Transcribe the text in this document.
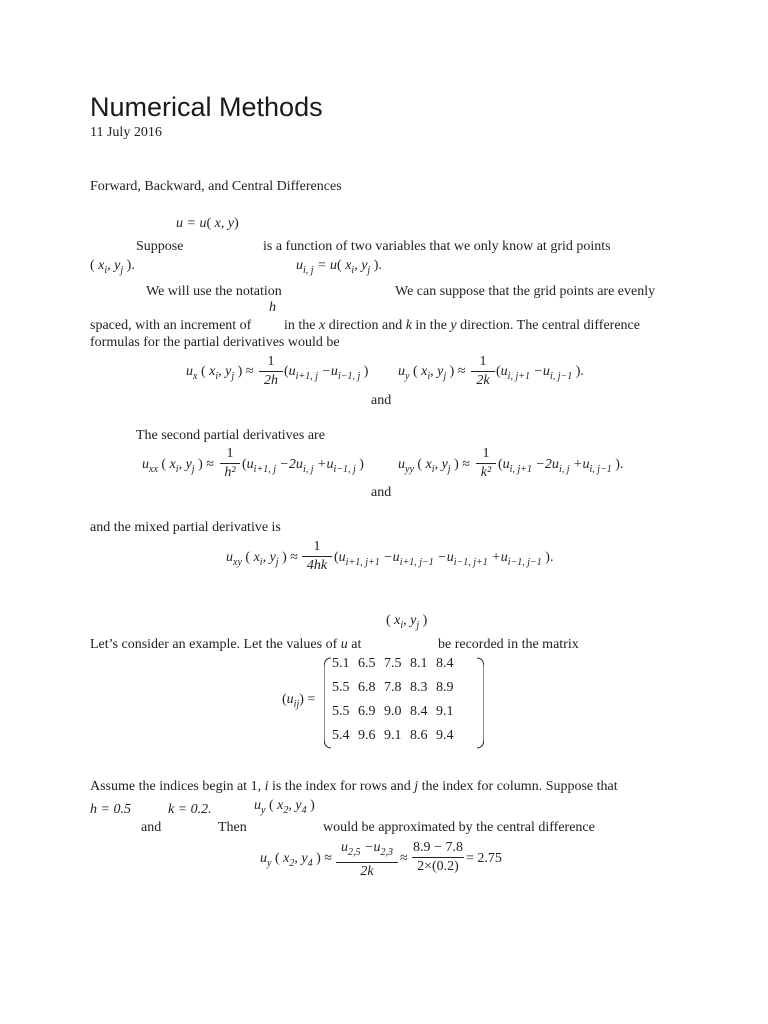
Numerical Methods
11 July 2016
Forward, Backward, and Central Differences
u = u( x, y)
Suppose	is a function of two variables that we only know at grid points
( $x_i$, $y_j$ ).	$u_{i, j} = u$( $x_i$, $y_j$ ).
We will use the notation	We can suppose that the grid points are evenly
h
spaced, with an increment of in the x direction and k in the y direction. The central difference
formulas for the partial derivatives would be
$u_x$ ( $x_i$, $y_j$ ) ≈
1
2h
($u_{i+1, j} -u_{i-1, j}$ ) $u_y$ ( $x_i$, $y_j$ ) ≈
1
2k
($u_{i, j+1} -u_{i, j-1}$ ).
and
The second partial derivatives are
$u_{xx}$ ( $x_i$, $y_j$ ) ≈
1
h²
($u_{i+1, j} -2u_{i, j} +u_{i-1, j}$ ) $u_{yy}$ ( $x_i$, $y_j$ ) ≈
1
k²
($u_{i, j+1} -2u_{i, j} +u_{i, j-1}$ ).
and
and the mixed partial derivative is
$u_{xy}$ ( $x_i$, $y_j$ ) ≈
1
4hk
($u_{i+1, j+1} -u_{i+1, j-1} -u_{i-1, j+1} +u_{i-1, j-1}$ ).
( $x_i$, $y_j$ )
Let’s consider an example. Let the values of u at	be recorded in the matrix
$(u_{ij})$ =
5.1 6.5 7.5 8.1 8.4
5.5 6.8 7.8 8.3 8.9
5.5 6.9 9.0 8.4 9.1
5.4 9.6 9.1 8.6 9.4
Assume the indices begin at 1, i is the index for rows and j the index for column. Suppose that
h = 0.5	k = 0.2.	$u_y$ ( $x_2$, $y_4$ )
and	Then	would be approximated by the central difference
$u_y$ ( $x_2$, $y_4$ ) ≈
$u_{2,5} -u_{2,3}$
2k
≈
8.9 − 7.8
2×(0.2)
= 2.75
